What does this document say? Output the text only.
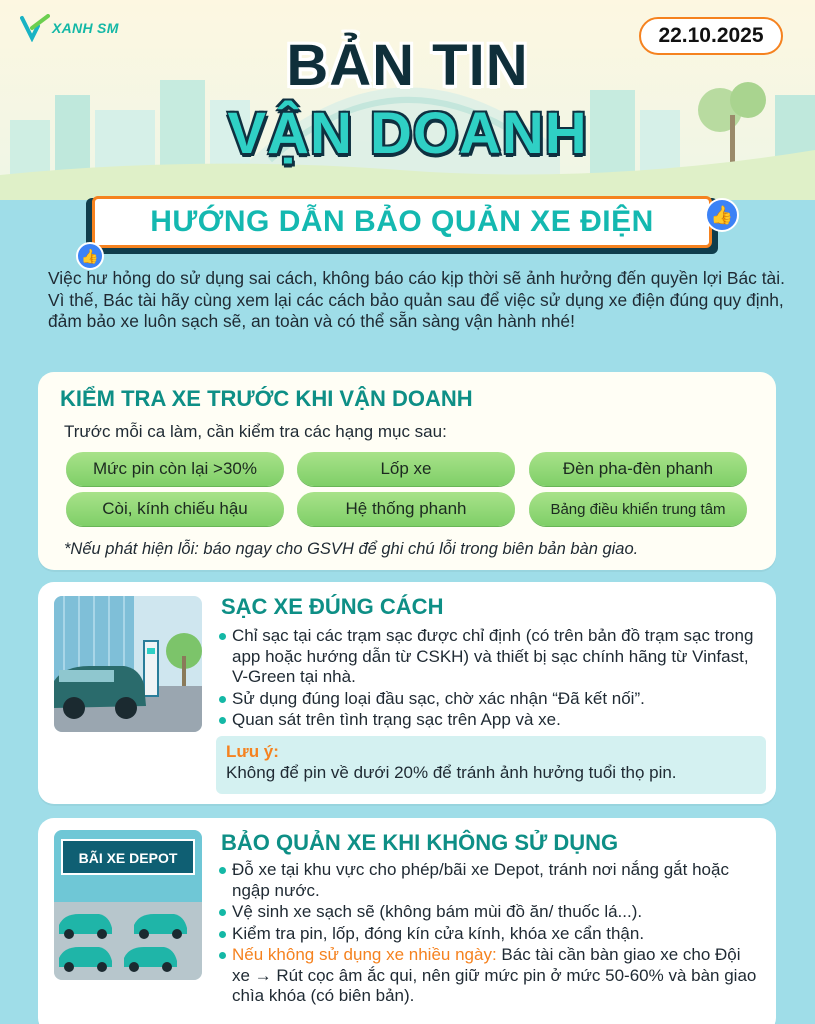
XANH SM	22.10.2025
BẢN TIN
VẬN DOANH
HƯỚNG DẪN BẢO QUẢN XE ĐIỆN	👍
👍

Việc hư hỏng do sử dụng sai cách, không báo cáo kịp thời sẽ ảnh hưởng đến quyền lợi Bác tài.

Vì thế, Bác tài hãy cùng xem lại các cách bảo quản sau để việc sử dụng xe điện đúng quy định, đảm bảo xe luôn sạch sẽ, an toàn và có thể sẵn sàng vận hành nhé!

KIỂM TRA XE TRƯỚC KHI VẬN DOANH
Trước mỗi ca làm, cần kiểm tra các hạng mục sau:
Mức pin còn lại >30%	Lốp xe	Đèn pha-đèn phanh
Còi, kính chiếu hậu	Hệ thống phanh	Bảng điều khiển trung tâm
*Nếu phát hiện lỗi: báo ngay cho GSVH để ghi chú lỗi trong biên bản bàn giao.
SẠC XE ĐÚNG CÁCH
Chỉ sạc tại các trạm sạc được chỉ định (có trên bản đồ trạm sạc trong app hoặc hướng dẫn từ CSKH) và thiết bị sạc chính hãng từ Vinfast, V-Green tại nhà.
Sử dụng đúng loại đầu sạc, chờ xác nhận “Đã kết nối”.
Quan sát trên tình trạng sạc trên App và xe.
Lưu ý:
Không để pin về dưới 20% để tránh ảnh hưởng tuổi thọ pin.
BÃI XE DEPOT
BẢO QUẢN XE KHI KHÔNG SỬ DỤNG
Đỗ xe tại khu vực cho phép/bãi xe Depot, tránh nơi nắng gắt hoặc ngập nước.
Vệ sinh xe sạch sẽ (không bám mùi đồ ăn/ thuốc lá...).
Kiểm tra pin, lốp, đóng kín cửa kính, khóa xe cẩn thận.
Nếu không sử dụng xe nhiều ngày: Bác tài cần bàn giao xe cho Đội xe → Rút cọc âm ắc qui, nên giữ mức pin ở mức 50-60% và bàn giao chìa khóa (có biên bản).
